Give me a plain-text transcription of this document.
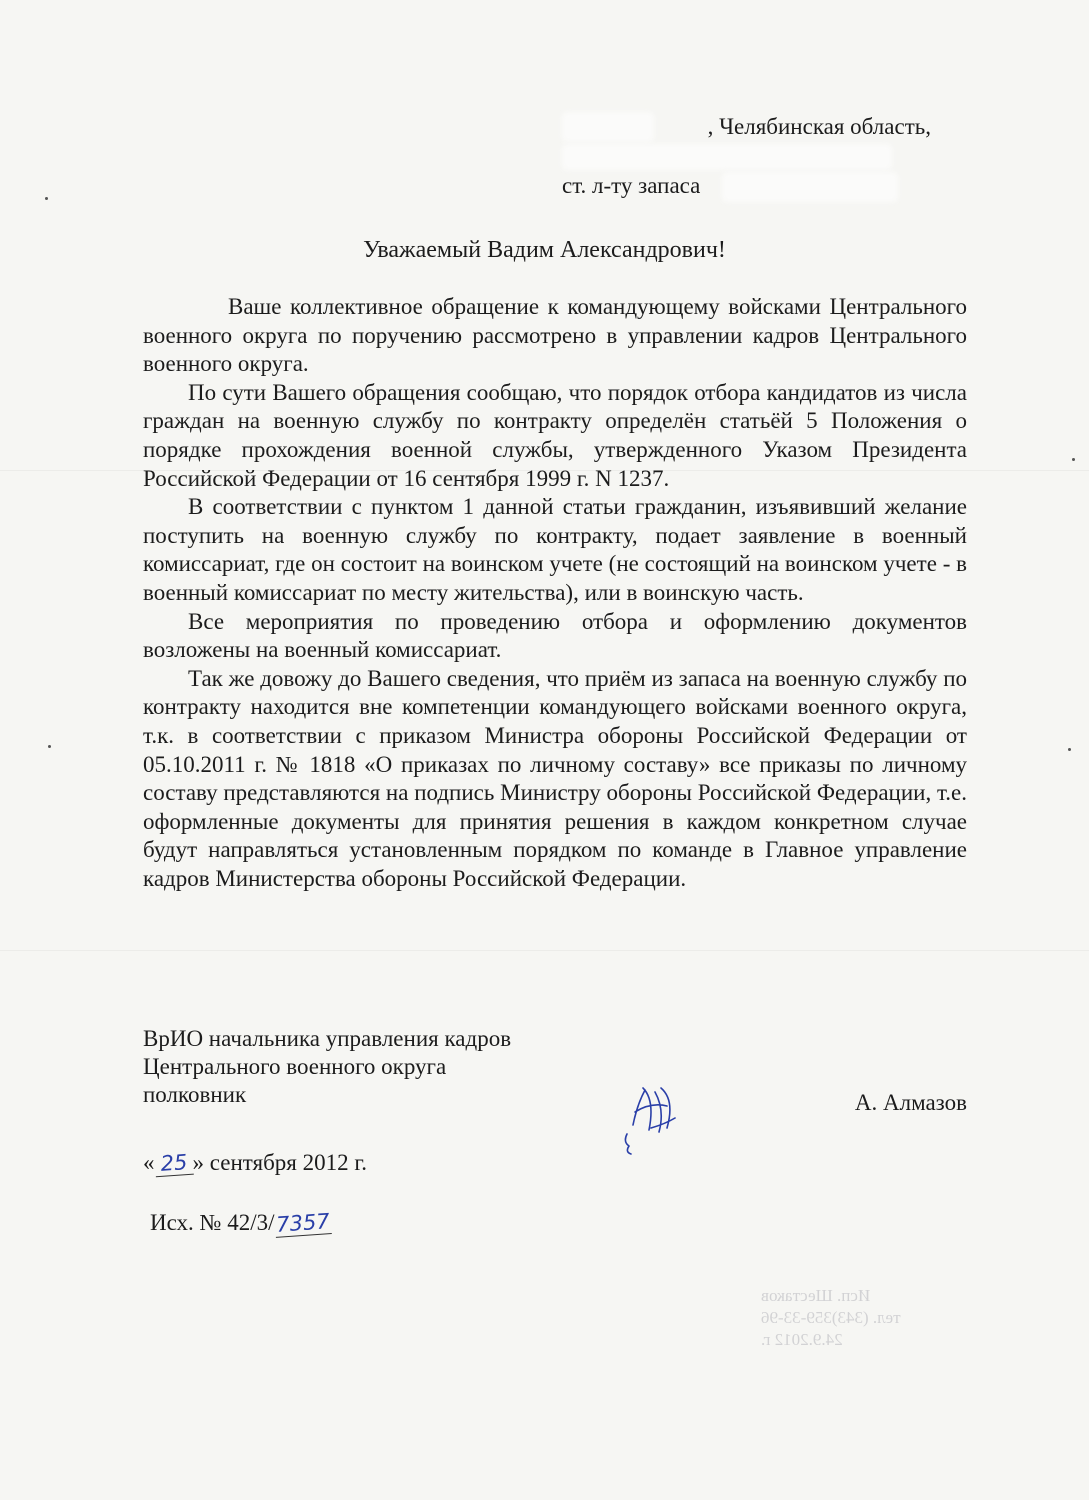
, Челябинская область,
ст. л-ту запаса
Уважаемый Вадим Александрович!

Ваше коллективное обращение к командующему войсками Центрального военного округа по поручению рассмотрено в управлении кадров Центрального военного округа.

По сути Вашего обращения сообщаю, что порядок отбора кандидатов из числа граждан на военную службу по контракту определён статьёй 5 Положения о порядке прохождения военной службы, утвержденного Указом Президента Российской Федерации от 16 сентября 1999 г. N 1237.

В соответствии с пунктом 1 данной статьи гражданин, изъявивший желание поступить на военную службу по контракту, подает заявление в военный комиссариат, где он состоит на воинском учете (не состоящий на воинском учете - в военный комиссариат по месту жительства), или в воинскую часть.

Все мероприятия по проведению отбора и оформлению документов возложены на военный комиссариат.

Так же довожу до Вашего сведения, что приём из запаса на военную службу по контракту находится вне компетенции командующего войсками военного округа, т.к. в соответствии с приказом Министра обороны Российской Федерации от 05.10.2011 г. № 1818 «О приказах по личному составу» все приказы по личному составу представляются на подпись Министру обороны Российской Федерации, т.е. оформленные документы для принятия решения в каждом конкретном случае будут направляться установленным порядком по команде в Главное управление кадров Министерства обороны Российской Федерации.

ВрИО начальника управления кадров
Центрального военного округа
полковник	А. Алмазов
« 25 » сентября 2012 г.
Исх. № 42/3/7357
Исп. Шестаков
тел. (343)359-33-96
24.9.2012 г.
